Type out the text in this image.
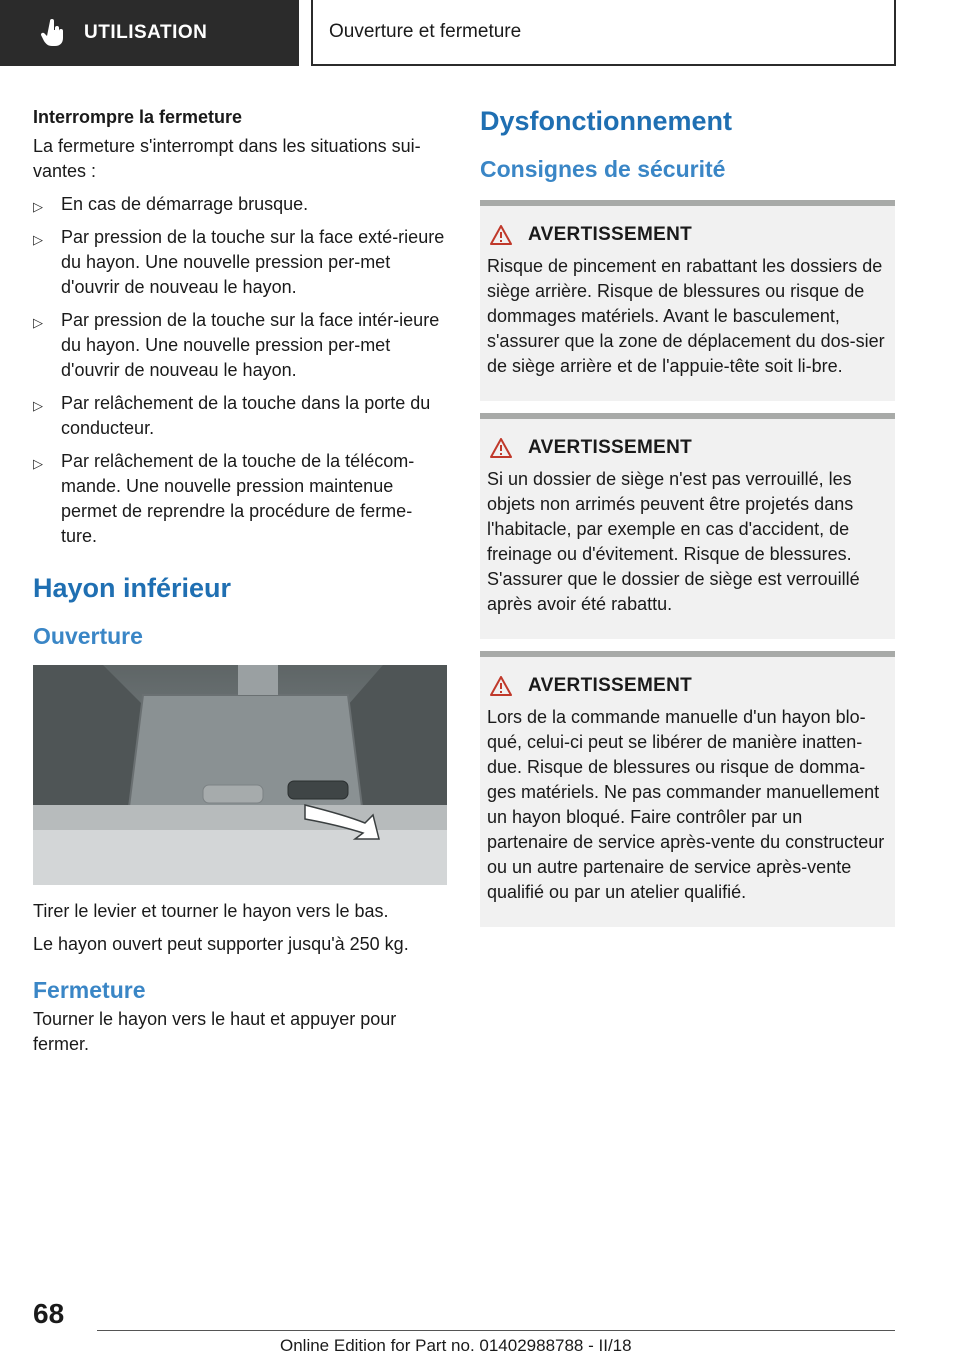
UTILISATION	Ouverture et fermeture
Interrompre la fermeture
La fermeture s'interrompt dans les situations sui-vantes :
▷ En cas de démarrage brusque.
▷ Par pression de la touche sur la face exté-rieure du hayon. Une nouvelle pression per-met d'ouvrir de nouveau le hayon.
▷ Par pression de la touche sur la face intér-ieure du hayon. Une nouvelle pression per-met d'ouvrir de nouveau le hayon.
▷ Par relâchement de la touche dans la porte du conducteur.
▷ Par relâchement de la touche de la télécom-mande. Une nouvelle pression maintenue permet de reprendre la procédure de ferme-ture.
Hayon inférieur
Ouverture
Tirer le levier et tourner le hayon vers le bas.
Le hayon ouvert peut supporter jusqu'à 250 kg.
Fermeture
Tourner le hayon vers le haut et appuyer pour fermer.
Dysfonctionnement
Consignes de sécurité
AVERTISSEMENT
Risque de pincement en rabattant les dossiers de siège arrière. Risque de blessures ou risque de dommages matériels. Avant le basculement, s'assurer que la zone de déplacement du dos-sier de siège arrière et de l'appuie-tête soit li-bre.
AVERTISSEMENT
Si un dossier de siège n'est pas verrouillé, les objets non arrimés peuvent être projetés dans l'habitacle, par exemple en cas d'accident, de freinage ou d'évitement. Risque de blessures. S'assurer que le dossier de siège est verrouillé après avoir été rabattu.
AVERTISSEMENT
Lors de la commande manuelle d'un hayon blo-qué, celui-ci peut se libérer de manière inatten-due. Risque de blessures ou risque de domma-ges matériels. Ne pas commander manuellement un hayon bloqué. Faire contrôler par un partenaire de service après-vente du constructeur ou un autre partenaire de service après-vente qualifié ou par un atelier qualifié.
68
Online Edition for Part no. 01402988788 - II/18
